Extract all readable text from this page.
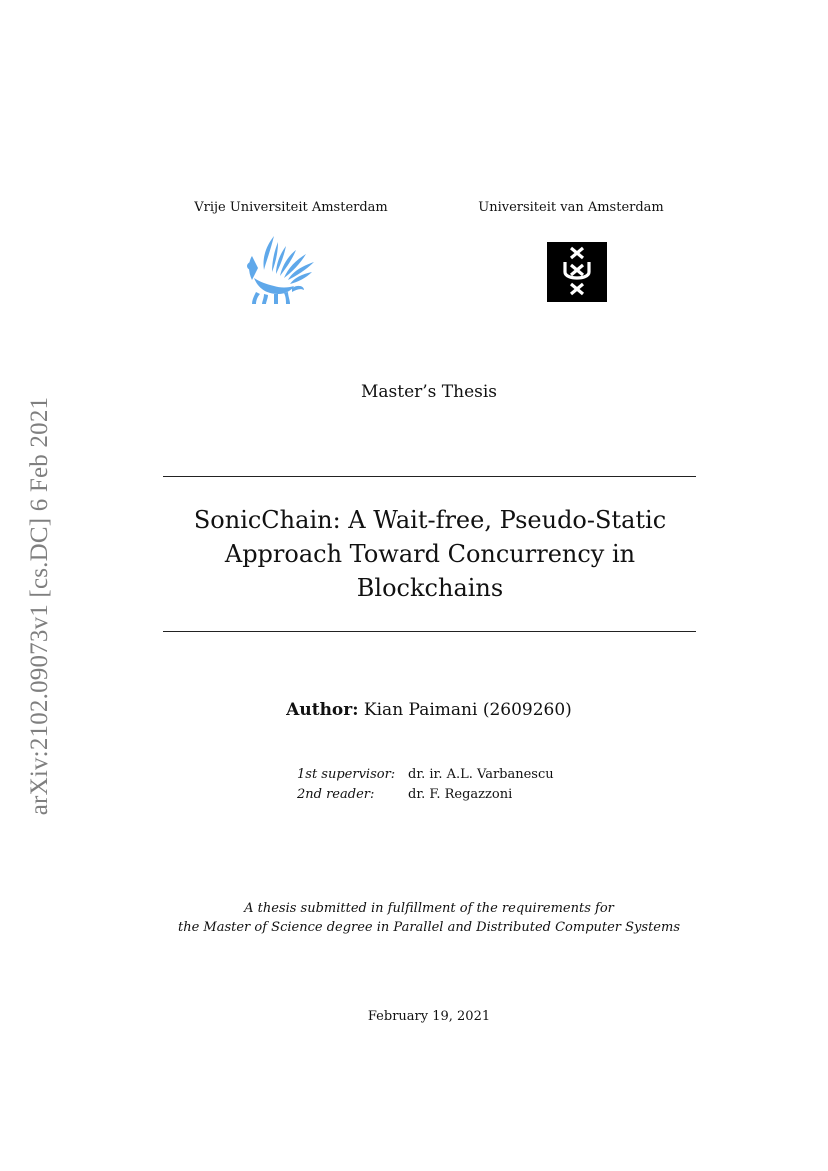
arXiv:2102.09073v1 [cs.DC] 6 Feb 2021
Vrije Universiteit Amsterdam	Universiteit van Amsterdam
Master’s Thesis
SonicChain: A Wait-free, Pseudo-Static
Approach Toward Concurrency in
Blockchains
Author: Kian Paimani (2609260)
1st supervisor: dr. ir. A.L. Varbanescu
2nd reader:	dr. F. Regazzoni
A thesis submitted in fulfillment of the requirements for
the Master of Science degree in Parallel and Distributed Computer Systems
February 19, 2021
